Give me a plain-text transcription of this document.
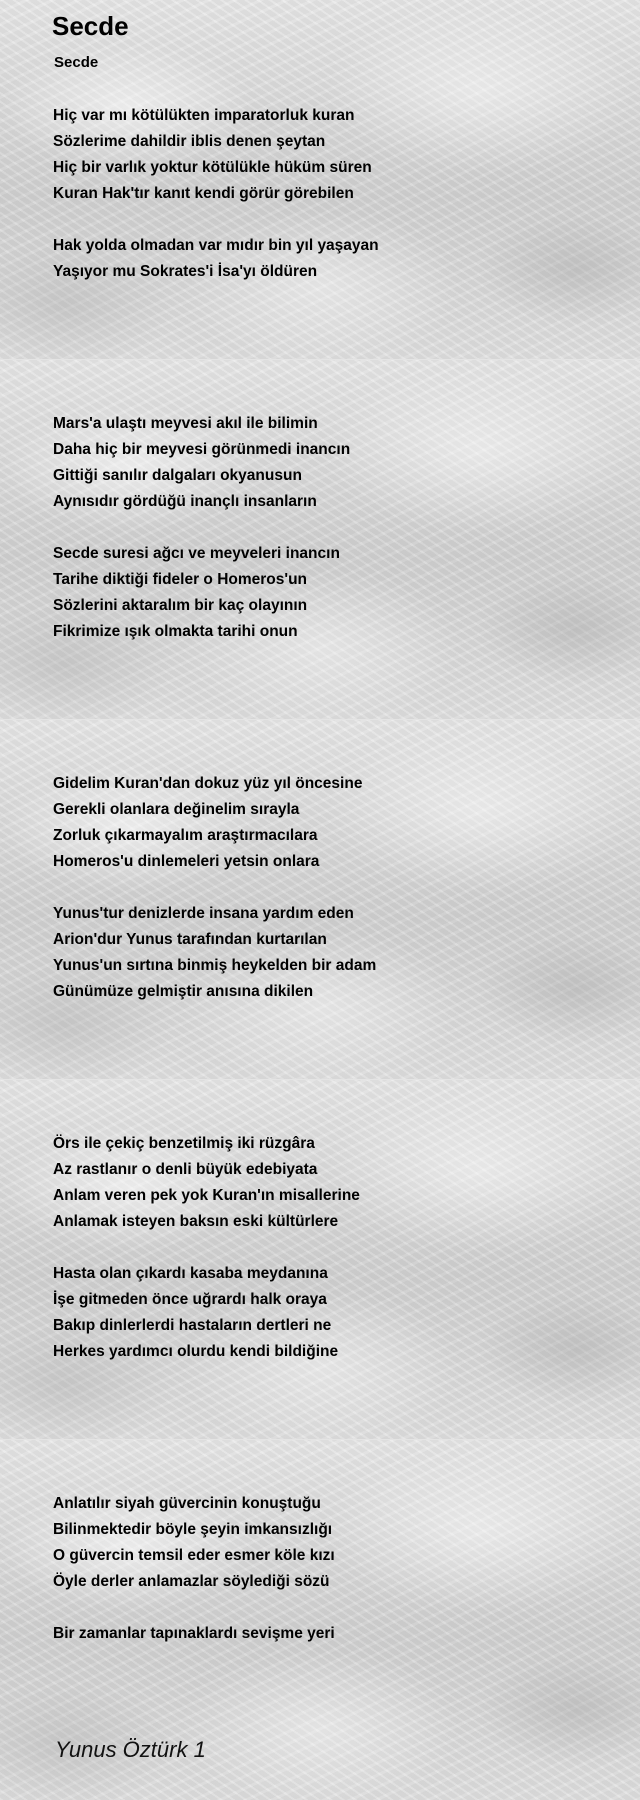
Secde
Secde
Hiç var mı kötülükten imparatorluk kuran
Sözlerime dahildir iblis denen şeytan
Hiç bir varlık yoktur kötülükle hüküm süren
Kuran Hak'tır kanıt kendi görür görebilen
Hak yolda olmadan var mıdır bin yıl yaşayan
Yaşıyor mu Sokrates'i İsa'yı öldüren
Mars'a ulaştı meyvesi akıl ile bilimin
Daha hiç bir meyvesi görünmedi inancın
Gittiği sanılır dalgaları okyanusun
Aynısıdır gördüğü inançlı insanların
Secde suresi ağcı ve meyveleri inancın
Tarihe diktiği fideler o Homeros'un
Sözlerini aktaralım bir kaç olayının
Fikrimize ışık olmakta tarihi onun
Gidelim Kuran'dan dokuz yüz yıl öncesine
Gerekli olanlara değinelim sırayla
Zorluk çıkarmayalım araştırmacılara
Homeros'u dinlemeleri yetsin onlara
Yunus'tur denizlerde insana yardım eden
Arion'dur Yunus tarafından kurtarılan
Yunus'un sırtına binmiş heykelden bir adam
Günümüze gelmiştir anısına dikilen
Örs ile çekiç benzetilmiş iki rüzgâra
Az rastlanır o denli büyük edebiyata
Anlam veren pek yok Kuran'ın misallerine
Anlamak isteyen baksın eski kültürlere
Hasta olan çıkardı kasaba meydanına
İşe gitmeden önce uğrardı halk oraya
Bakıp dinlerlerdi hastaların dertleri ne
Herkes yardımcı olurdu kendi bildiğine
Anlatılır siyah güvercinin konuştuğu
Bilinmektedir böyle şeyin imkansızlığı
O güvercin temsil eder esmer köle kızı
Öyle derler anlamazlar söylediği sözü
Bir zamanlar tapınaklardı sevişme yeri
Yunus Öztürk 1
